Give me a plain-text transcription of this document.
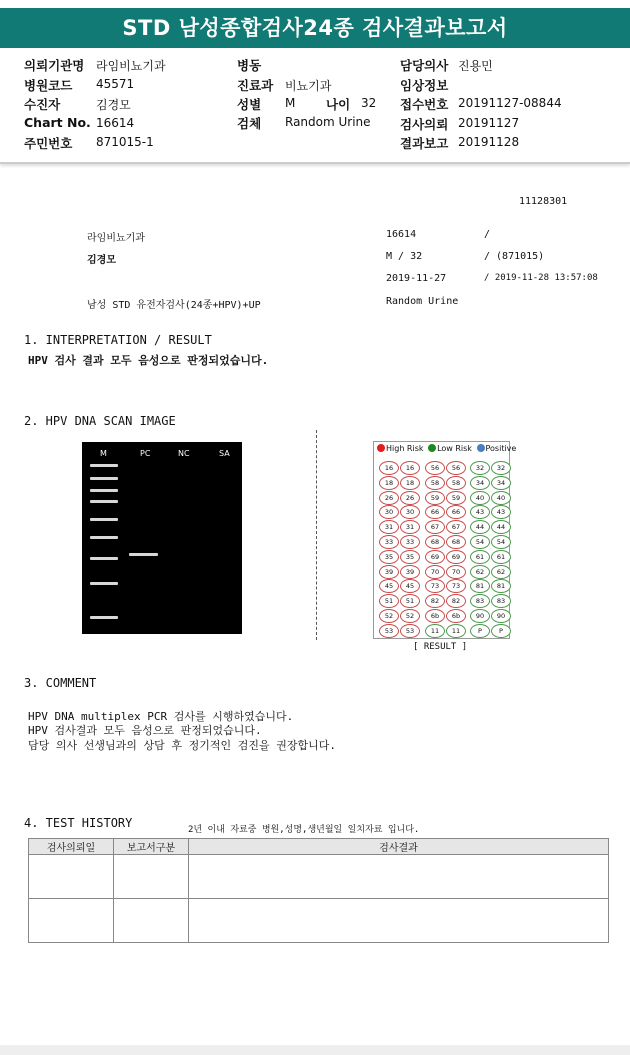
STD 남성종합검사24종 검사결과보고서
의뢰기관명 라임비뇨기과	병동	담당의사 진용민
병원코드 45571	진료과 비뇨기과	임상정보
수진자	김경모	성별 M 나이 32 접수번호 20191127-08844
Chart No. 16614	검체 Random Urine 검사의뢰 20191127
주민번호 871015-1	결과보고 20191128
11128301
라임비뇨기과	16614	/
김경모	M / 32	/ (871015)
2019-11-27	/ 2019-11-28 13:57:08
남성 STD 유전자검사(24종+HPV)+UP	Random Urine
1. INTERPRETATION / RESULT
HPV 검사 결과 모두 음성으로 판정되었습니다.
2. HPV DNA SCAN IMAGE
M	PC	NC	SA
High Risk Low Risk Positive
16	16	56	56	32	32
18	18	58	58	34	34
26	26	59	59	40	40
30	30	66	66	43	43
31	31	67	67	44	44
33	33	68	68	54	54
35	35	69	69	61	61
39	39	70	70	62	62
45	45	73	73	81	81
51	51	82	82	83	83
52	52	6b	6b	90	90
53	53	11	11	P	P
[ RESULT ]
3. COMMENT
HPV DNA multiplex PCR 검사를 시행하였습니다.
HPV 검사결과 모두 음성으로 판정되었습니다.
담당 의사 선생님과의 상담 후 정기적인 검진을 권장합니다.
4. TEST HISTORY	2년 이내 자료중 병원,성명,생년월일 일치자료 입니다.
검사의뢰일	보고서구분	검사결과
